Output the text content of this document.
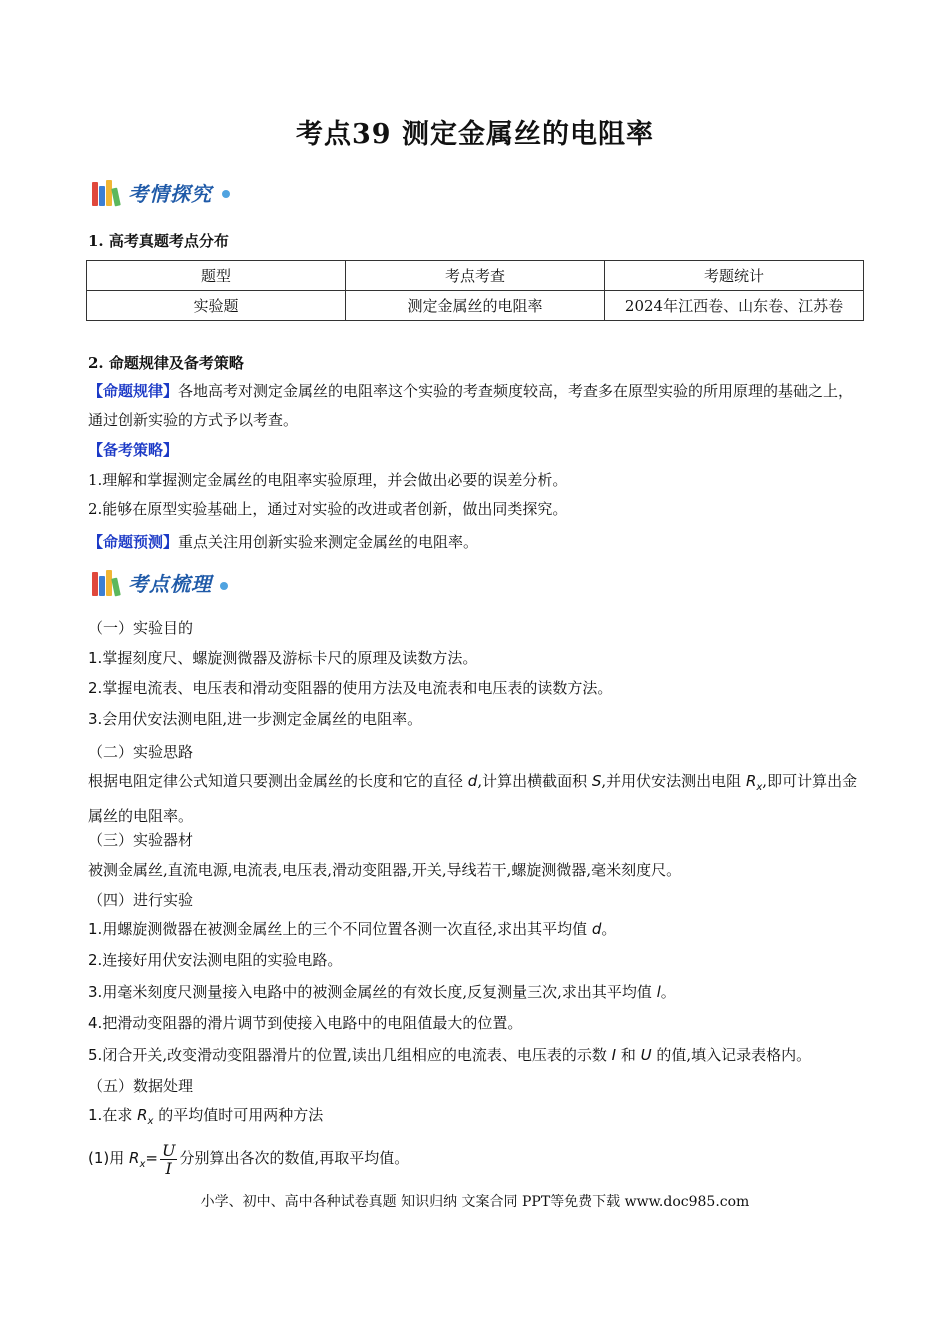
考点39 测定金属丝的电阻率
考情探究
1. 高考真题考点分布
题型	考点考查	考题统计
实验题	测定金属丝的电阻率	2024年江西卷、山东卷、江苏卷
2. 命题规律及备考策略
【命题规律】各地高考对测定金属丝的电阻率这个实验的考查频度较高，考查多在原型实验的所用原理的基础之上，通过创新实验的方式予以考查。
【备考策略】
1.理解和掌握测定金属丝的电阻率实验原理，并会做出必要的误差分析。
2.能够在原型实验基础上，通过对实验的改进或者创新，做出同类探究。
【命题预测】重点关注用创新实验来测定金属丝的电阻率。
考点梳理
（一）实验目的
1.掌握刻度尺、螺旋测微器及游标卡尺的原理及读数方法。
2.掌握电流表、电压表和滑动变阻器的使用方法及电流表和电压表的读数方法。
3.会用伏安法测电阻,进一步测定金属丝的电阻率。
（二）实验思路
根据电阻定律公式知道只要测出金属丝的长度和它的直径 d,计算出横截面积 S,并用伏安法测出电阻 $R_x$,即可计算出金属丝的电阻率。
（三）实验器材
被测金属丝,直流电源,电流表,电压表,滑动变阻器,开关,导线若干,螺旋测微器,毫米刻度尺。
（四）进行实验
1.用螺旋测微器在被测金属丝上的三个不同位置各测一次直径,求出其平均值 d。
2.连接好用伏安法测电阻的实验电路。
3.用毫米刻度尺测量接入电路中的被测金属丝的有效长度,反复测量三次,求出其平均值 l。
4.把滑动变阻器的滑片调节到使接入电路中的电阻值最大的位置。
5.闭合开关,改变滑动变阻器滑片的位置,读出几组相应的电流表、电压表的示数 I 和 U 的值,填入记录表格内。
（五）数据处理
1.在求 $R_x$ 的平均值时可用两种方法
(1)用 $R_x= \frac{U}{I}$ 分别算出各次的数值,再取平均值。
小学、初中、高中各种试卷真题 知识归纳 文案合同 PPT等免费下载 www.doc985.com
